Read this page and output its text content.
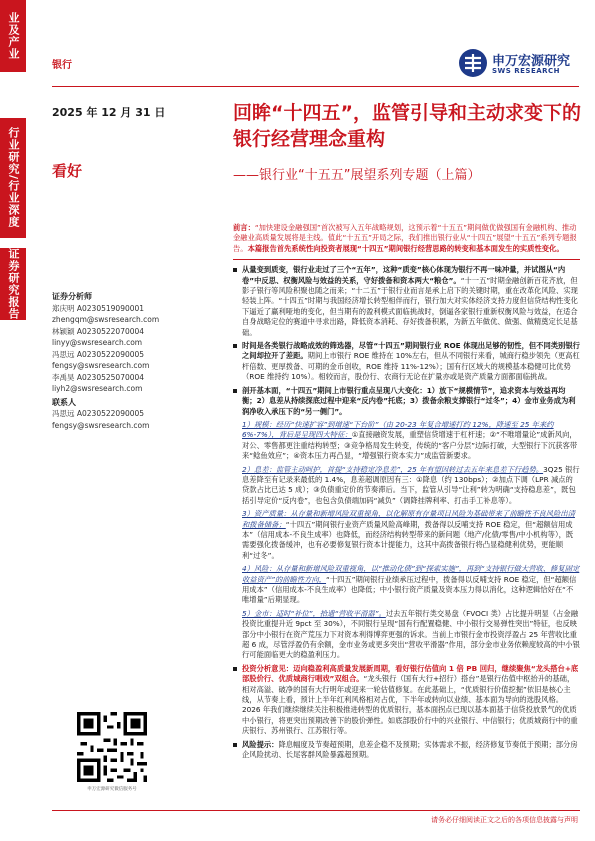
业及产业
行业研究/行业深度
证券研究报告
银行	申万宏源研究
SWS RESEARCH
2025 年 12 月 31 日
看好
回眸“十四五”，监管引导和主动求变下的银行经营理念重构
——银行业“十五五”展望系列专题（上篇）
证券分析师
郑庆明 A0230519090001
zhengqm@swsresearch.com
林颖颖 A0230522070004
linyy@swsresearch.com
冯思远 A0230522090005
fengsy@swsresearch.com
李禹昊 A0230525070004
liyh2@swsresearch.com
联系人
冯思远 A0230522090005
fengsy@swsresearch.com
申万宏源研究微信服务号

前言：“加快建设金融强国”首次被写入五年战略规划，这预示着“十五五”期间做优做强国有金融机构、推动金融业高质量发展将是主线。值此“十五五”开局之际，我们推出银行业从“十四五”展望“十五五”系列专题报告。本篇报告首先系统性向投资者展现“十四五”期间银行经营思路的转变和基本面发生的实质性变化。

从量变到质变，银行业走过了三个“五年”，这种“质变”核心体现为银行不再一味冲量，并试图从“内卷”中反思、权衡风险与效益的关系，守好拨备和资本两大“粮仓”。“十一五”时期金融创新百花齐放，但影子银行等风险积聚也随之而来；“十二五”于银行业而言是承上启下的关键时期，重在改革化风险、实现轻装上阵。“十四五”时期与我国经济增长转型相伴而行，银行加大对实体经济支持力度但信贷结构性变化下逼近了赢利哑地的变化，但当期有的盈利模式面临挑战时，倒逼各家银行重新权衡风险与效益，在适合自身战略定位的赛道中寻求出路，降低资本消耗、存好拨备积累，为新五年做优、做强、做精奠定长足基础。
时间是各类银行战略成效的筛选器，尽管“十四五”期间银行业 ROE 体现出足够的韧性，但不同类别银行之间却拉开了差距。期间上市银行 ROE 维持在 10%左右，但从不同银行来看，城商行稳步领先（更高杠杆倍数、更厚拨备、可期的金币创收，ROE 维持 11%-12%）；国有行区域大的规模基本稳健可比优势（ROE 维持约 10%）。相较而言，股份行、农商行无论在扩量亦或是资产质量方面都面临挑战。
剖开基本面，“十四五”期间上市银行重点呈现八大变化：1）放下“规模情节”，追求资本与效益再均衡；2）息差从持续探底过程中迎来“反内卷”托底；3）拨备余粮支撑银行“过冬”；4）金市业务成为利润净收入承压下的“另一侧门”。
1）规模：经历“快速扩容”到增速“下台阶”（由 20-23 年复合增速打约 12%，降速至 25 年来约 6%-7%），背后是呈现四大特征：①直接融资发展，重塑信贷增速于杠杆速；②“不唯增量论”成新风向，对公、零售都更注重结构转型；③竞争格局发生转变，传统的“客户分层”边际打破，大型银行下沉获客带来“鲶鱼效应”；④资本压力再凸显，“增强银行资本实力”成监管新要求。
2）息差：监管主动呵护，首提“支持稳定净息差”，25 年有望因转过去五年来息差下行趋势。3Q25 银行息差降至有记录来最低的 1.4%，息差超调原因有三：①降息（约 130bps）；②加点下调（LPR 减点的贷款占比已达 5 成）；③负债重定价的节奏滞后。当下，监管从引导“让利”转为明确“支持稳息差”，既包括引导定价“反内卷”，也包含负债端加码“减负”（调降挂牌利率、打击手工补息等）。
3）资产质量：从存量和新增风险双重视角，以化解原有存量项目风险为基础带来了前瞻性不良风险出清和拨备储备；“十四五”期间银行业资产质量风险高峰期，拨备得以反哺支持 ROE 稳定，但“超额信用成本”（信用成本-不良生成率）也降低，而经济结构转型带来的新问题（地产/化债/零售/中小机构等），既需要强化拨备缓冲，也有必要修复银行资本计提能力，这其中高拨备银行将凸显稳健利优势，更能顺利“过冬”。
4）风险：从存量和新增风险双重视角，以“推动化债”到“探索实施”，再到“支持银行做大营收、修复固定收益资产”的前瞻性方向，“十四五”期间银行业绩承压过程中，拨备得以反哺支持 ROE 稳定，但“超额信用成本”（信用成本-不良生成率）也降低；中小银行资产质量及资本压力得以消化，这种逻辑恰好在“不唯增量”后期显现。
5）金市：适时“补位”，拾遗“营收平滑器”。过去五年银行类交易盘（FVOCI 类）占比提升明显（占金融投资比重提升近 9pct 至 30%），不同银行呈现“国有行配置稳健、中小银行交易弹性突出”特征，也反映部分中小银行在资产荒压力下对资本利得博弈更强的诉求。当前上市银行金市投资浮盈占 25 年营收比重超 6 成，尽管浮盈仍有余额，金市业务或更多突出“营收平滑器”作用，部分金市业务依赖度较高的中小银行可能面临更大的稳盈利压力。
投资分析意见：迈向稳盈利高质量发展新周期，看好银行估值向 1 倍 PB 回归，继续聚焦“龙头搭台+底部股价行、优质城商行唱戏”双组合。“龙头银行（国有大行+招行）搭台”是银行估值中枢抬升的基础，相对高溢、破净的国有大行明年或迎来一轮估值修复。在此基础上，“优质银行价值挖掘”依旧是核心主线，从节奏上看，预计上半年红利风格相对占优，下半年或转向以业绩、基本面为导向的选股风格。2026 年我们继续继续关注积极推进转型的优质银行，基本面拐点已现以基本面基于信贷投放景气的优质中小银行，将更突出预期改善下的股价弹性。如底部股价行中的兴业银行、中信银行；优质城商行中的重庆银行、苏州银行、江苏银行等。
风险提示：降息幅度及节奏超预期，息差企稳不及预期；实体需求不振，经济修复节奏低于预期；部分房企风险扰动、长尾客群风险暴露超预期。
请务必仔细阅读正文之后的各项信息披露与声明
